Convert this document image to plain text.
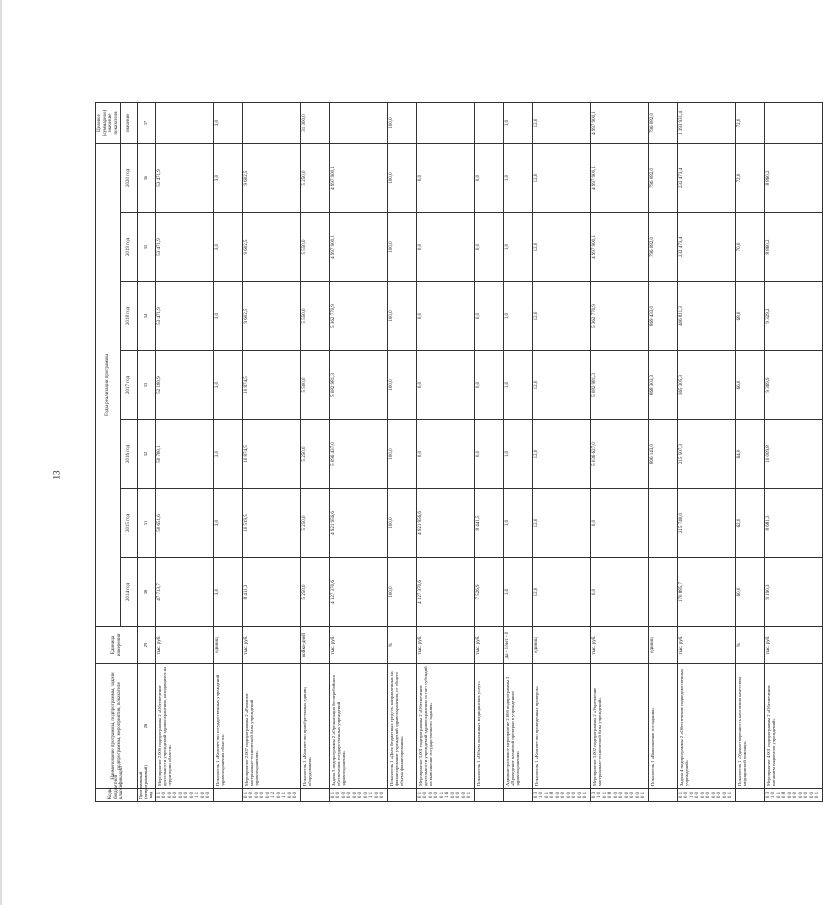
13
Коды бюджетной классификации	Наименование программы, подпрограммы, задачи подпрограммы, мероприятия, показателя	Единица измерения	Годы реализации программы							Целевое (суммарное) значение показателя
			2014 год	2015 год	2016 год	2017 год	2018 год	2019 год	2020 год	значение
Программный (непрограммный) код	28	29	30	31	32	33	34	35	36	37
0 1 0 0 0 0 0 0 0 0 0 0 0 0 1 1 0 0 0 0	Мероприятие 2.006 подпрограммы 2 «Обеспечение деятельности учреждений здравоохранения, находящихся на территории области»	тыс. руб.	47 713,7	50 651,6	50 780,1	52 180,9	53 471,9	53 471,9	53 471,9	
	Показатель 1 «Количество государственных учреждений здравоохранения области»	единиц	3,0	3,0	3,0	3,0	3,0	3,0	3,0	3,0
0 1 0 0 0 0 0 0 0 0 1 2 0 0 1 1 0 0 0 0	Мероприятие 2.007 подпрограммы 2 «Развитие материально-технической базы учреждений здравоохранения»	тыс. руб.	8 411,3	10 519,5	10 874,5	10 874,5	9 602,5	9 602,5	9 602,5	
	Показатель 1 «Количество приобретенных единиц оборудования»	койко-дней	5 250,0	5 250,0	5 250,0	5 500,0	5 550,0	5 550,0	5 250,0	31 300,0
0 1 0 0 0 0 0 0 0 0 0 0 0 0 1 1 0 0 0 0	Задача 3 подпрограммы 2 «Организация бесперебойного обеспечения государственных учреждений здравоохранения»	тыс. руб.	4 127 370,6	4 921 956,6	5 096 437,0	5 082 981,3	5 362 770,9	4 997 900,1	4 997 900,1	
	Показатель 1 «Доля бюджетных средств, направленных на финансирование учреждений здравоохранения, от общего объема финансирования»	%	100,0	100,0	100,0	100,0	100,0	100,0	100,0	100,0
0 1 0 0 0 0 0 0 0 1 1 6 0 0 0 0 0 0 0 1	Мероприятие 3.001 подпрограммы 2 «Обеспечение деятельности учреждений здравоохранения за счет субсидий на выполнение государственного задания»	тыс. руб.	4 127 370,6	4 921 956,6	0,0	0,0	0,0	0,0	0,0	
	Показатель 1 «Объем оказанных медицинских услуг»	тыс. руб.	7 526,9	8 441,5	0,0	0,0	0,0	0,0	0,0	
	Административное мероприятие 2.008 подпрограммы 2 «Проведение плановой проверки в учреждениях здравоохранения»	да - 1/нет - 0	1,0	1,0	1,0	1,0	1,0	1,0	1,0	1,0
0 3 1 0 0 1 0 8 0 0 0 0 0 0 0 0 0 0 0 1	Показатель 1 «Количество проведенных проверок»	единиц	12,0	12,0	12,0	12,0	12,0	12,0	12,0	12,0
0 3 1 0 0 1 0 8 0 0 0 0 0 0 0 0 0 0 0 1	Мероприятие 3.002 подпрограммы 2 «Укрепление материально-технической базы учреждений»	тыс. руб.	0,0	0,0	5 036 627,0	5 082 981,3	5 362 770,9	4 997 900,1	4 997 900,1	4 997 900,1
	Показатель 1 «Выполнение госзадания»	единиц			806 143,0	868 303,3	869 433,0	796 082,0	796 082,0	796 082,0
0 1 0 0 1 0 0 0 0 0 0 0 0 0 0 0 0 0 0 1	Задача 4 подпрограммы 2 «Обеспечение подведомственных учреждений»	тыс. руб.	170 885,7	215 740,0	215 507,3	365 305,3	406 811,3	232 473,4	232 473,4	1 393 931,4
	Показатель 1 «Удовлетворенность населения качеством медицинской помощи»	%	60,0	62,0	64,0	66,0	68,0	70,0	72,0	72,0
0 3 1 0 0 1 0 8 0 0 0 0 0 0 0 0 0 0 0 1	Мероприятие 4.001 подпрограммы 2 «Обеспечение питанием пациентов учреждений»	тыс. руб.	9 190,3	8 681,3	10 009,8	9 369,9	9 329,2	8 860,2	8 860,2	
